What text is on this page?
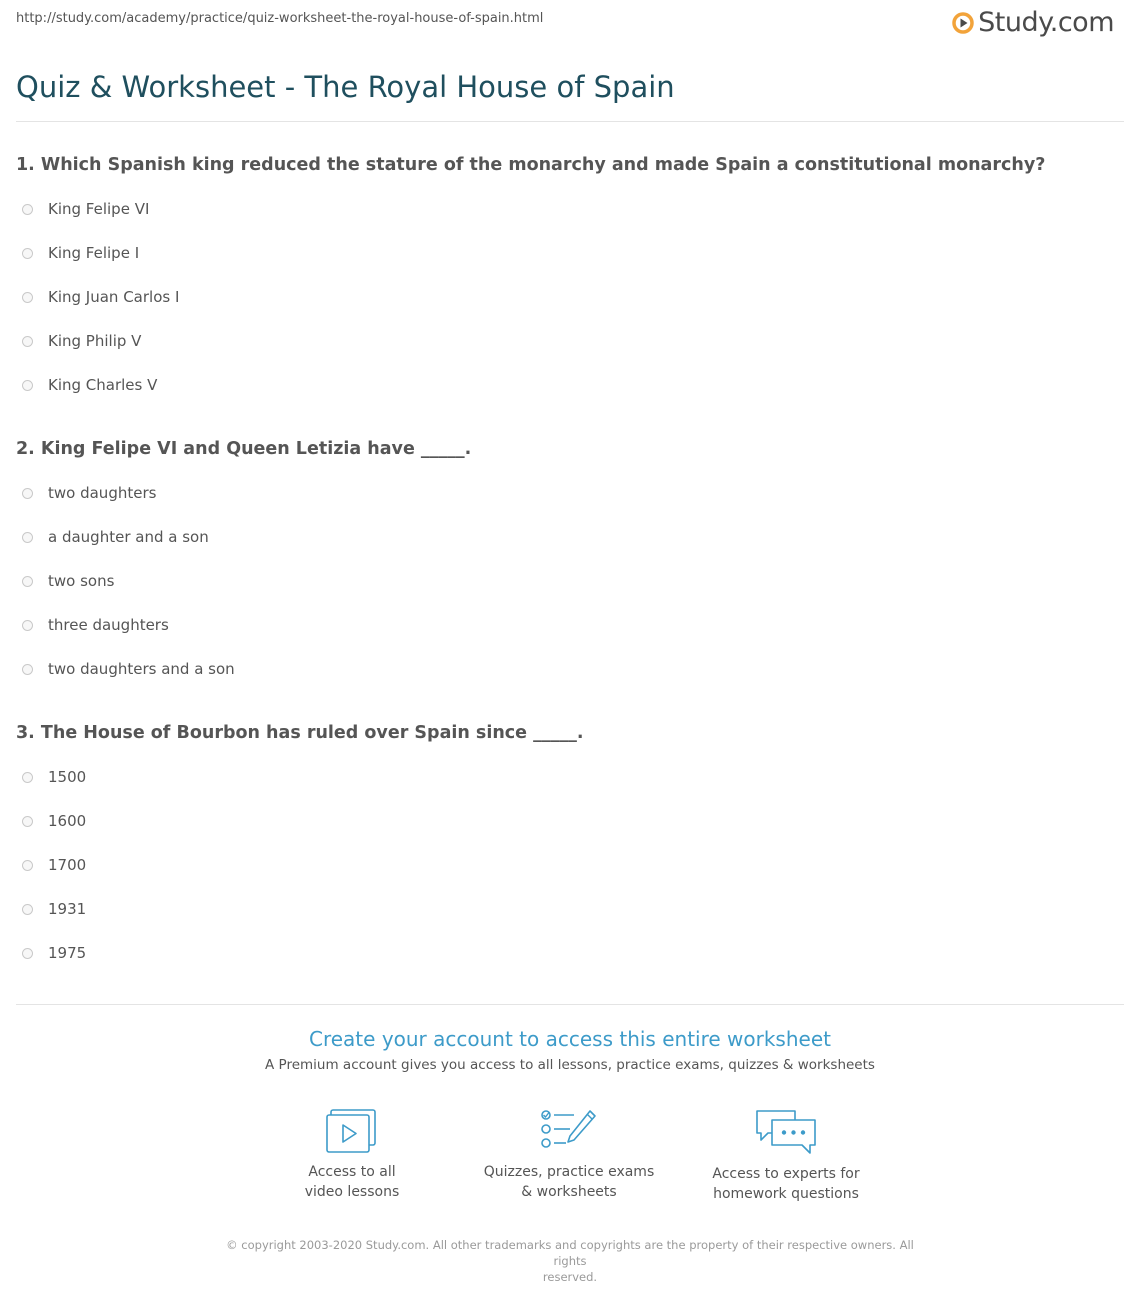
http://study.com/academy/practice/quiz-worksheet-the-royal-house-of-spain.html	Study.com
Quiz & Worksheet - The Royal House of Spain

1. Which Spanish king reduced the stature of the monarchy and made Spain a constitutional monarchy?

King Felipe VI
King Felipe I
King Juan Carlos I
King Philip V
King Charles V

2. King Felipe VI and Queen Letizia have _____.

two daughters
a daughter and a son
two sons
three daughters
two daughters and a son

3. The House of Bourbon has ruled over Spain since _____.

1500
1600
1700
1931
1975
Create your account to access this entire worksheet
A Premium account gives you access to all lessons, practice exams, quizzes & worksheets
Access to all
video lessons
Quizzes, practice exams
& worksheets
Access to experts for
homework questions
© copyright 2003-2020 Study.com. All other trademarks and copyrights are the property of their respective owners. All rights
reserved.
